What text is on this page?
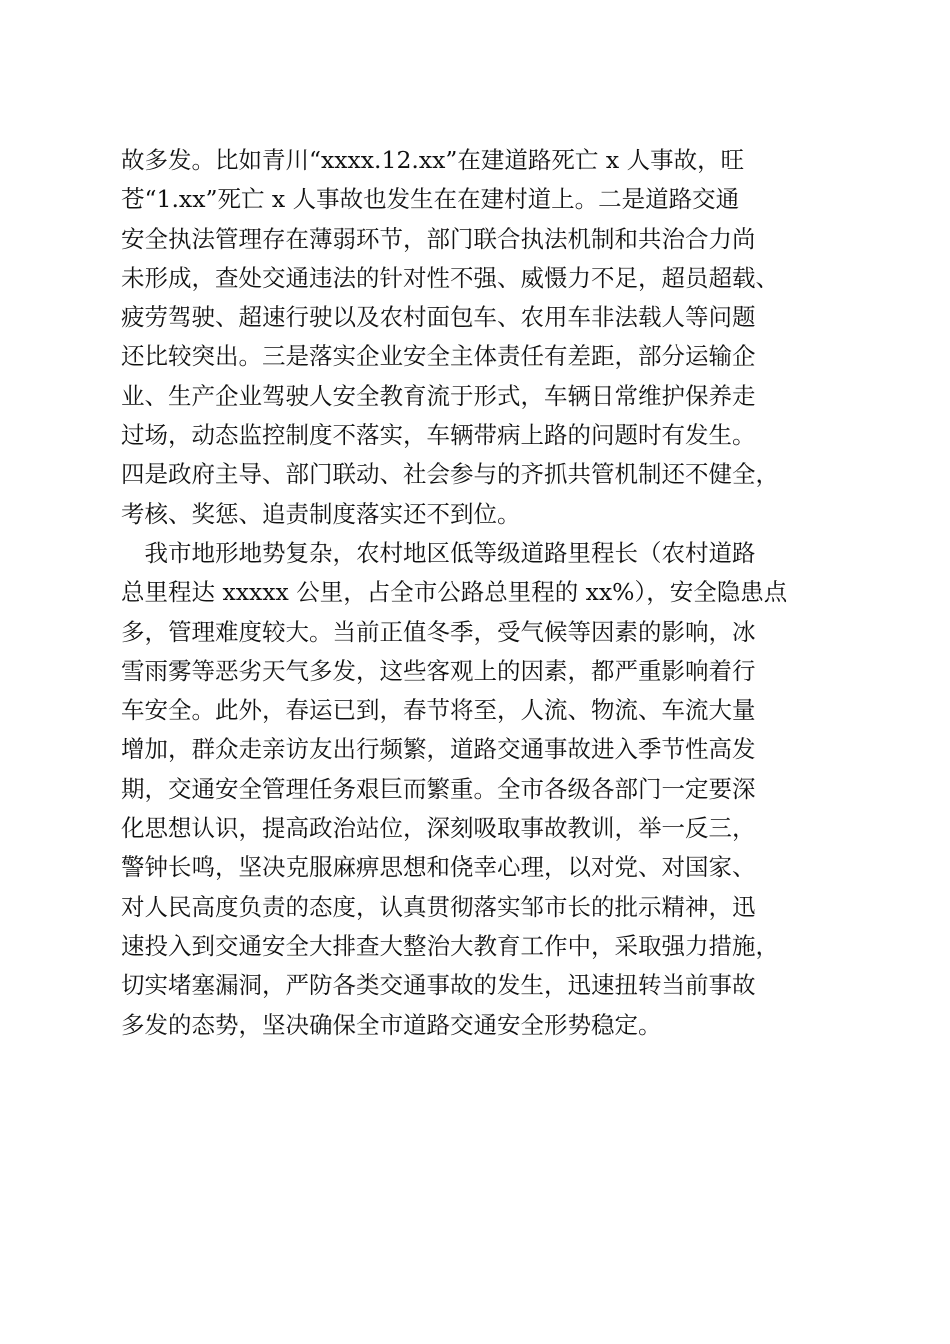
故多发。比如青川“xxxx.12.xx”在建道路死亡 x 人事故，旺
苍“1.xx”死亡 x 人事故也发生在在建村道上。二是道路交通
安全执法管理存在薄弱环节，部门联合执法机制和共治合力尚
未形成，查处交通违法的针对性不强、威慑力不足，超员超载、
疲劳驾驶、超速行驶以及农村面包车、农用车非法载人等问题
还比较突出。三是落实企业安全主体责任有差距，部分运输企
业、生产企业驾驶人安全教育流于形式，车辆日常维护保养走
过场，动态监控制度不落实，车辆带病上路的问题时有发生。
四是政府主导、部门联动、社会参与的齐抓共管机制还不健全，
考核、奖惩、追责制度落实还不到位。
　我市地形地势复杂，农村地区低等级道路里程长（农村道路
总里程达 xxxxx 公里，占全市公路总里程的 xx%），安全隐患点
多，管理难度较大。当前正值冬季，受气候等因素的影响，冰
雪雨雾等恶劣天气多发，这些客观上的因素，都严重影响着行
车安全。此外，春运已到，春节将至，人流、物流、车流大量
增加，群众走亲访友出行频繁，道路交通事故进入季节性高发
期，交通安全管理任务艰巨而繁重。全市各级各部门一定要深
化思想认识，提高政治站位，深刻吸取事故教训，举一反三，
警钟长鸣，坚决克服麻痹思想和侥幸心理，以对党、对国家、
对人民高度负责的态度，认真贯彻落实邹市长的批示精神，迅
速投入到交通安全大排查大整治大教育工作中，采取强力措施，
切实堵塞漏洞，严防各类交通事故的发生，迅速扭转当前事故
多发的态势，坚决确保全市道路交通安全形势稳定。
